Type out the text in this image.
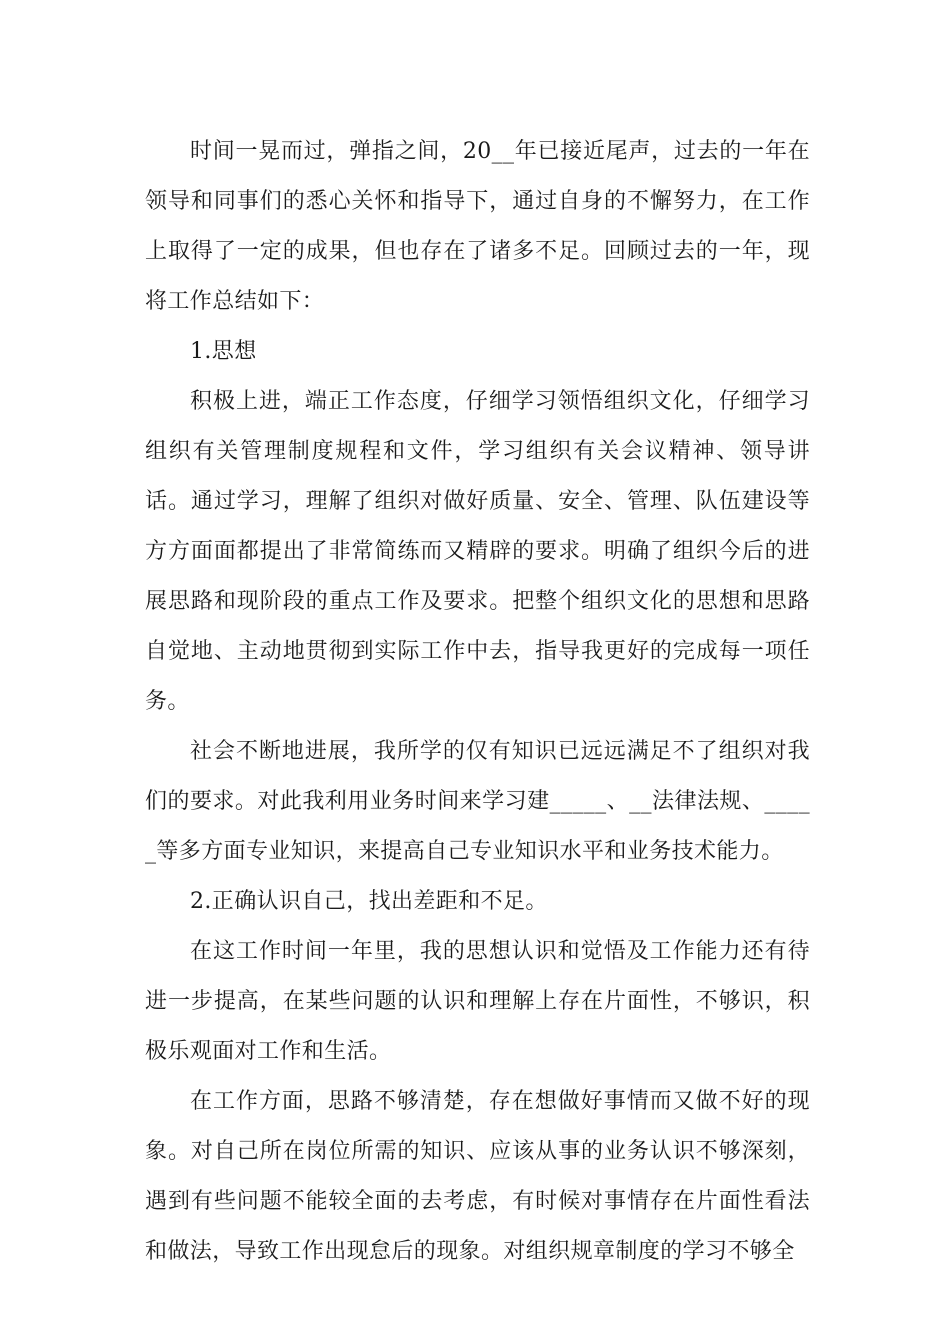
时间一晃而过，弹指之间，20__年已接近尾声，过去的一年在领导和同事们的悉心关怀和指导下，通过自身的不懈努力，在工作上取得了一定的成果，但也存在了诸多不足。回顾过去的一年，现将工作总结如下：

1.思想

积极上进，端正工作态度，仔细学习领悟组织文化，仔细学习组织有关管理制度规程和文件，学习组织有关会议精神、领导讲话。通过学习，理解了组织对做好质量、安全、管理、队伍建设等方方面面都提出了非常简练而又精辟的要求。明确了组织今后的进展思路和现阶段的重点工作及要求。把整个组织文化的思想和思路自觉地、主动地贯彻到实际工作中去，指导我更好的完成每一项任务。

社会不断地进展，我所学的仅有知识已远远满足不了组织对我们的要求。对此我利用业务时间来学习建_____、__法律法规、_____等多方面专业知识，来提高自己专业知识水平和业务技术能力。

2.正确认识自己，找出差距和不足。

在这工作时间一年里，我的思想认识和觉悟及工作能力还有待进一步提高，在某些问题的认识和理解上存在片面性，不够识，积极乐观面对工作和生活。

在工作方面，思路不够清楚，存在想做好事情而又做不好的现象。对自己所在岗位所需的知识、应该从事的业务认识不够深刻，遇到有些问题不能较全面的去考虑，有时候对事情存在片面性看法和做法，导致工作出现怠后的现象。对组织规章制度的学习不够全
